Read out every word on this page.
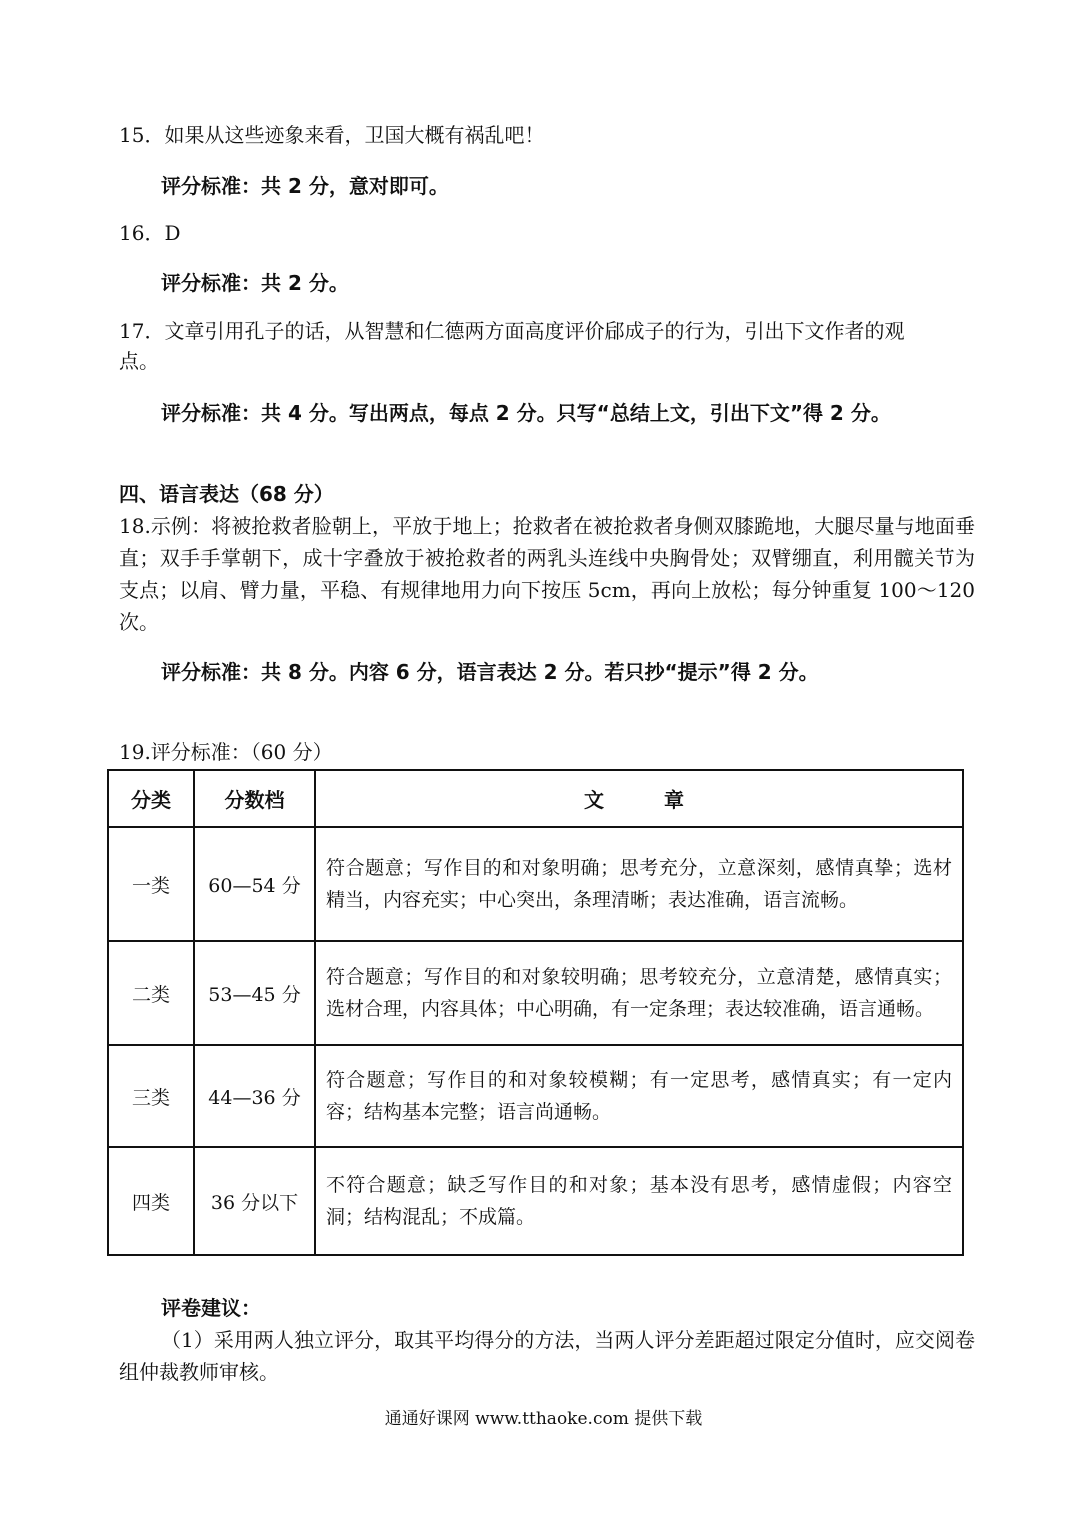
15．如果从这些迹象来看，卫国大概有祸乱吧！
评分标准：共 2 分，意对即可。
16．D
评分标准：共 2 分。
17．文章引用孔子的话，从智慧和仁德两方面高度评价郈成子的行为，引出下文作者的观
点。
评分标准：共 4 分。写出两点，每点 2 分。只写“总结上文，引出下文”得 2 分。
四、语言表达（68 分）
18.示例：将被抢救者脸朝上，平放于地上；抢救者在被抢救者身侧双膝跪地，大腿尽量与地面垂直；双手手掌朝下，成十字叠放于被抢救者的两乳头连线中央胸骨处；双臂绷直，利用髋关节为支点；以肩、臂力量，平稳、有规律地用力向下按压 5cm，再向上放松；每分钟重复 100～120 次。
评分标准：共 8 分。内容 6 分，语言表达 2 分。若只抄“提示”得 2 分。
19.评分标准：（60 分）
分类	分数档	文章
一类	60—54 分	符合题意；写作目的和对象明确；思考充分，立意深刻，感情真挚；选材精当，内容充实；中心突出，条理清晰；表达准确，语言流畅。
二类	53—45 分	符合题意；写作目的和对象较明确；思考较充分，立意清楚，感情真实；选材合理，内容具体；中心明确，有一定条理；表达较准确，语言通畅。
三类	44—36 分	符合题意；写作目的和对象较模糊；有一定思考，感情真实；有一定内容；结构基本完整；语言尚通畅。
四类	36 分以下	不符合题意；缺乏写作目的和对象；基本没有思考，感情虚假；内容空洞；结构混乱；不成篇。
评卷建议：
（1）采用两人独立评分，取其平均得分的方法，当两人评分差距超过限定分值时，应交阅卷组仲裁教师审核。
通通好课网 www.tthaoke.com 提供下载
